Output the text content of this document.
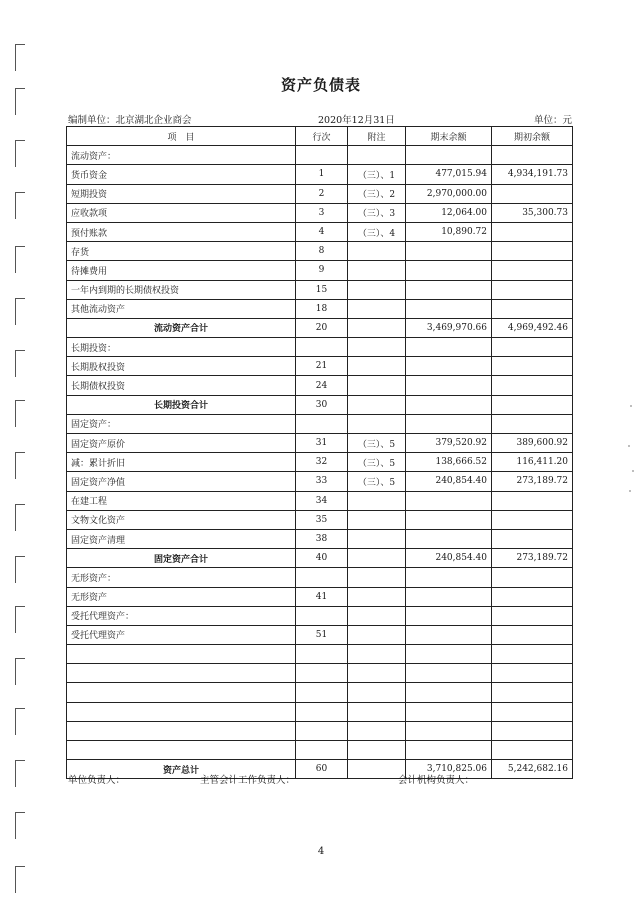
资产负债表
编制单位：北京湖北企业商会	2020年12月31日	单位：元
项　目	行次	附注	期末余额	期初余额
流动资产：				
货币资金	1	（三）、1	477,015.94	4,934,191.73
短期投资	2	（三）、2	2,970,000.00	
应收款项	3	（三）、3	12,064.00	35,300.73
预付账款	4	（三）、4	10,890.72	
存货	8			
待摊费用	9			
一年内到期的长期债权投资	15			
其他流动资产	18			
流动资产合计	20		3,469,970.66	4,969,492.46
长期投资：				
长期股权投资	21			
长期债权投资	24			
长期投资合计	30			
固定资产：				
固定资产原价	31	（三）、5	379,520.92	389,600.92
减：累计折旧	32	（三）、5	138,666.52	116,411.20
固定资产净值	33	（三）、5	240,854.40	273,189.72
在建工程	34			
文物文化资产	35			
固定资产清理	38			
固定资产合计	40		240,854.40	273,189.72
无形资产：				
无形资产	41			
受托代理资产：				
受托代理资产	51			

资产总计	60		3,710,825.06	5,242,682.16
单位负责人：	主管会计工作负责人：	会计机构负责人：
4
